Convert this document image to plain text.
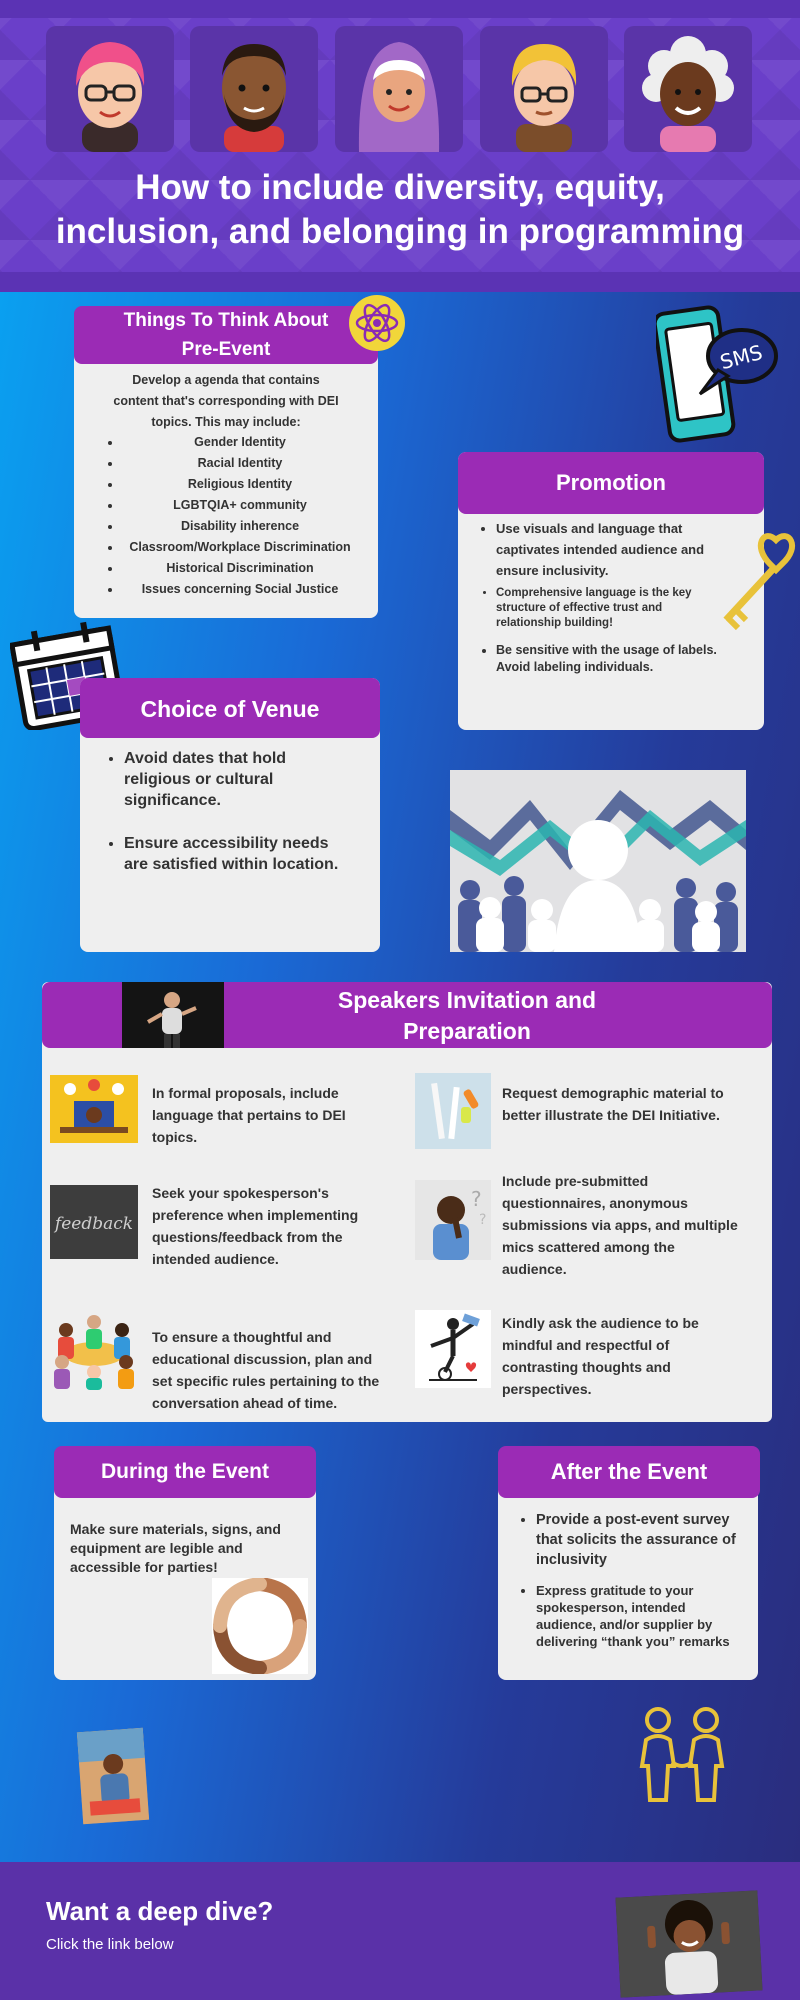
How to include diversity, equity,
inclusion, and belonging in programming
Develop a agenda that contains
content that's corresponding with DEI
topics. This may include:
• Gender Identity
• Racial Identity
• Religious Identity
• LGBTQIA+ community
• Disability inherence
• Classroom/Workplace Discrimination
• Historical Discrimination
• Issues concerning Social Justice
Things To Think About
Pre-Event	SMS
• Use visuals and language that captivates intended audience and ensure inclusivity.
• Comprehensive language is the key structure of effective trust and relationship building!
• Be sensitive with the usage of labels. Avoid labeling individuals.
Promotion
• Avoid dates that hold religious or cultural significance.
• Ensure accessibility needs are satisfied within location.
Choice of Venue
Speakers Invitation and
Preparation
In formal proposals, include language that pertains to DEI topics.
Request demographic material to better illustrate the DEI Initiative.
feedback
Seek your spokesperson's preference when implementing questions/feedback from the intended audience.
?
?
Include pre-submitted questionnaires, anonymous submissions via apps, and multiple mics scattered among the audience.
To ensure a thoughtful and educational discussion, plan and set specific rules pertaining to the conversation ahead of time.
Kindly ask the audience to be mindful and respectful of contrasting thoughts and perspectives.
Make sure materials, signs, and equipment are legible and accessible for parties!
During the Event
• Provide a post-event survey that solicits the assurance of inclusivity
• Express gratitude to your spokesperson, intended audience, and/or supplier by delivering “thank you” remarks
After the Event
Want a deep dive?
Click the link below
